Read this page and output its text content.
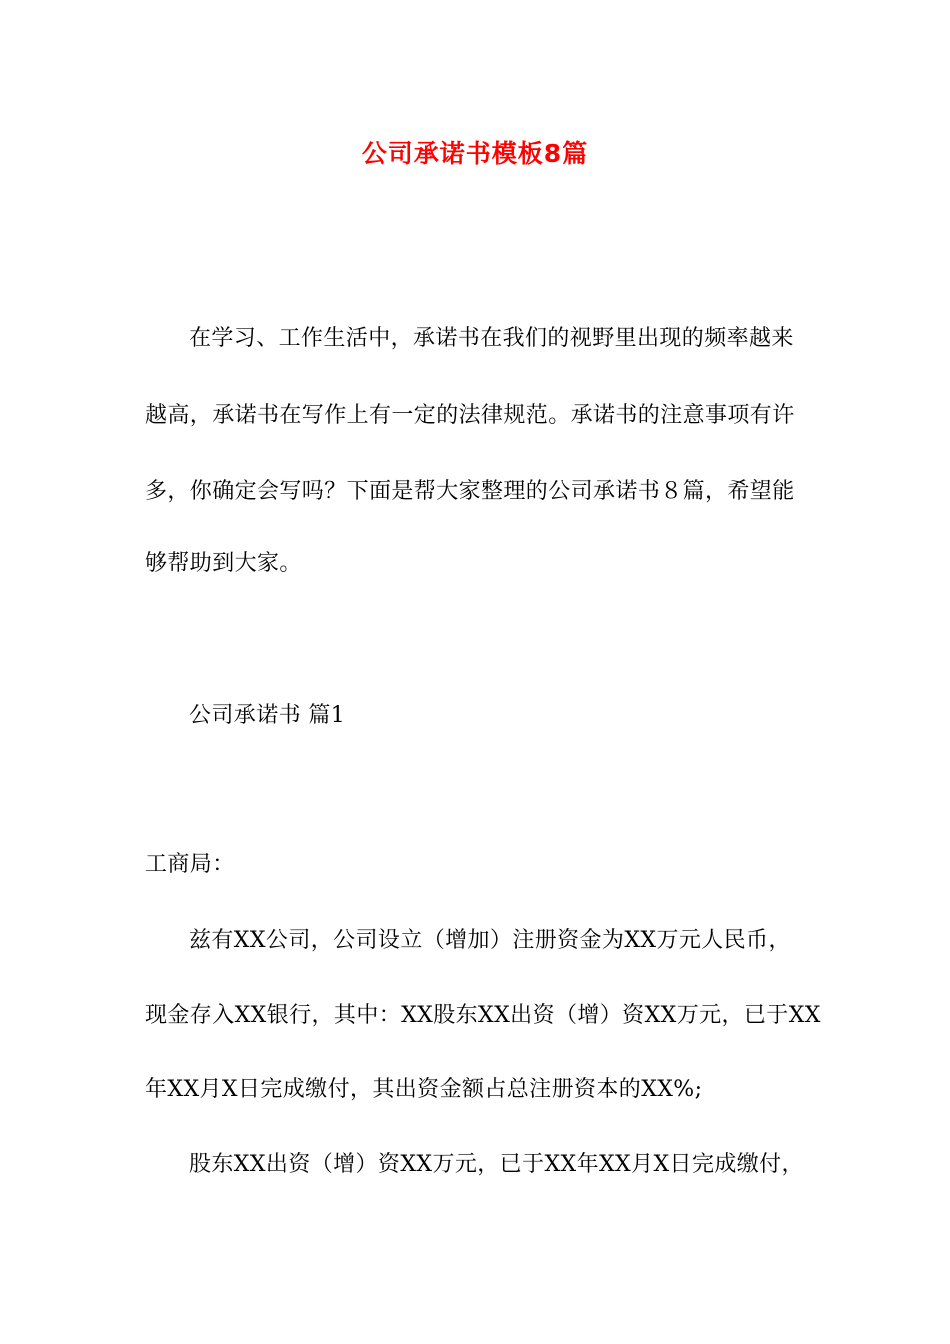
公司承诺书模板8篇
在学习、工作生活中，承诺书在我们的视野里出现的频率越来
越高，承诺书在写作上有一定的法律规范。承诺书的注意事项有许
多，你确定会写吗？下面是帮大家整理的公司承诺书８篇，希望能
够帮助到大家。
公司承诺书 篇1
工商局：
兹有XX公司，公司设立（增加）注册资金为XX万元人民币，
现金存入XX银行，其中：XX股东XX出资（增）资XX万元，已于XX
年XX月X日完成缴付，其出资金额占总注册资本的XX%;
股东XX出资（增）资XX万元，已于XX年XX月X日完成缴付，
